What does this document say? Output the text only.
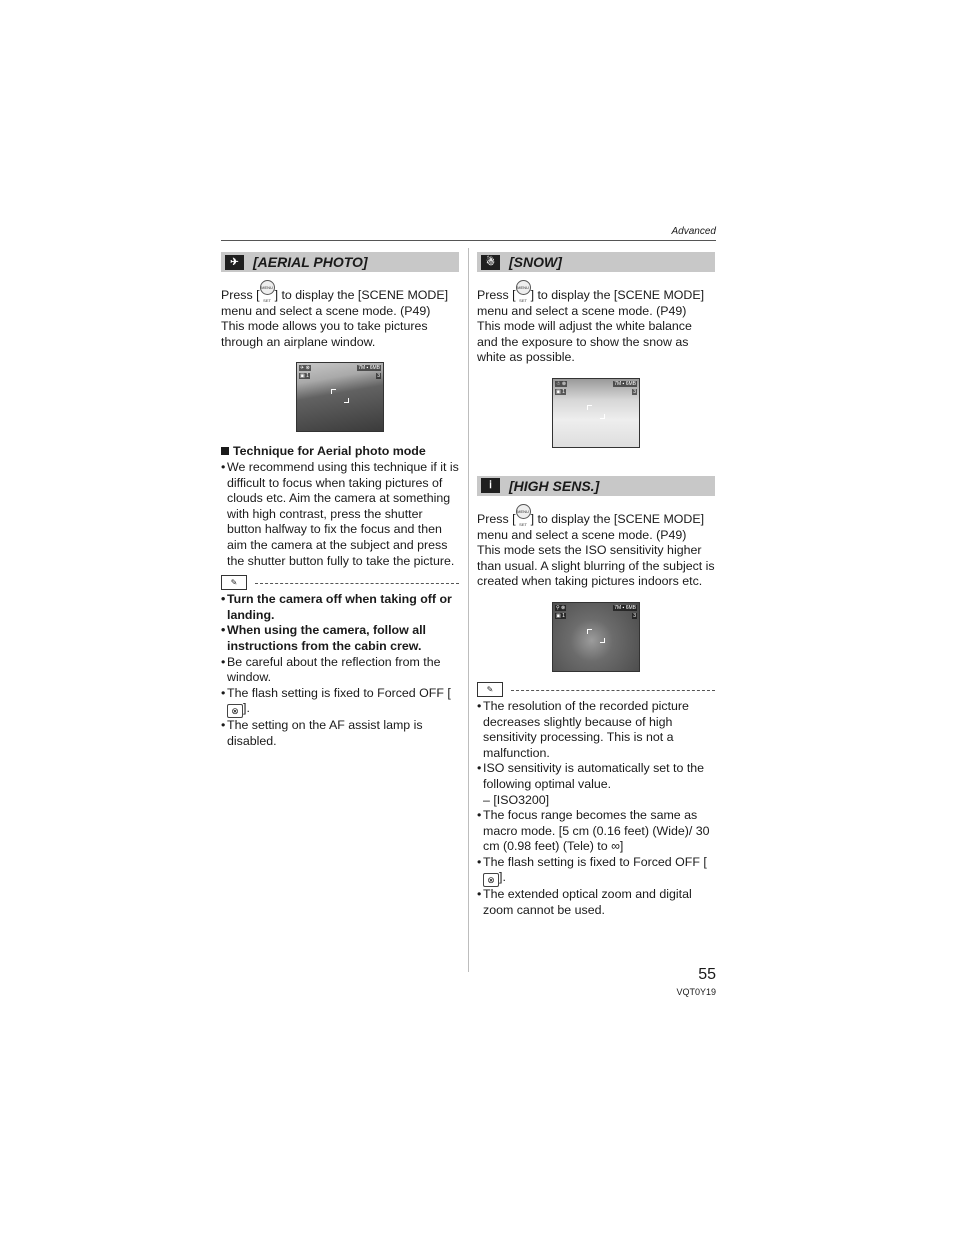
Advanced
✈	[AERIAL PHOTO]

Press [MENU SET ] to display the [SCENE MODE] menu and select a scene mode. (P49)

This mode allows you to take pictures through an airplane window.

✈ ⊗	7M ▪ 6MB
▣ 1	3
Technique for Aerial photo mode
• We recommend using this technique if it is difficult to focus when taking pictures of clouds etc. Aim the camera at something with high contrast, press the shutter button halfway to fix the focus and then aim the camera at the subject and press the shutter button fully to take the picture.
✎
• Turn the camera off when taking off or landing.
• When using the camera, follow all instructions from the cabin crew.
• Be careful about the reflection from the window.
• The flash setting is fixed to Forced OFF [⊗ ].
• The setting on the AF assist lamp is disabled.
☃	[SNOW]

Press [MENU SET ] to display the [SCENE MODE] menu and select a scene mode. (P49)

This mode will adjust the white balance and the exposure to show the snow as white as possible.

☃ ⊗	7M ▪ 6MB
▣ 1	3
ⅰ	[HIGH SENS.]

Press [MENU SET ] to display the [SCENE MODE] menu and select a scene mode. (P49)

This mode sets the ISO sensitivity higher than usual. A slight blurring of the subject is created when taking pictures indoors etc.

⚲ ⊗	7M ▪ 6MB
▣ 1	3
✎
• The resolution of the recorded picture decreases slightly because of high sensitivity processing. This is not a malfunction.
• ISO sensitivity is automatically set to the following optimal value.
– [ISO3200]
• The focus range becomes the same as macro mode. [5 cm (0.16 feet) (Wide)/ 30 cm (0.98 feet) (Tele) to ∞]
• The flash setting is fixed to Forced OFF [⊗ ].
• The extended optical zoom and digital zoom cannot be used.
55
VQT0Y19
